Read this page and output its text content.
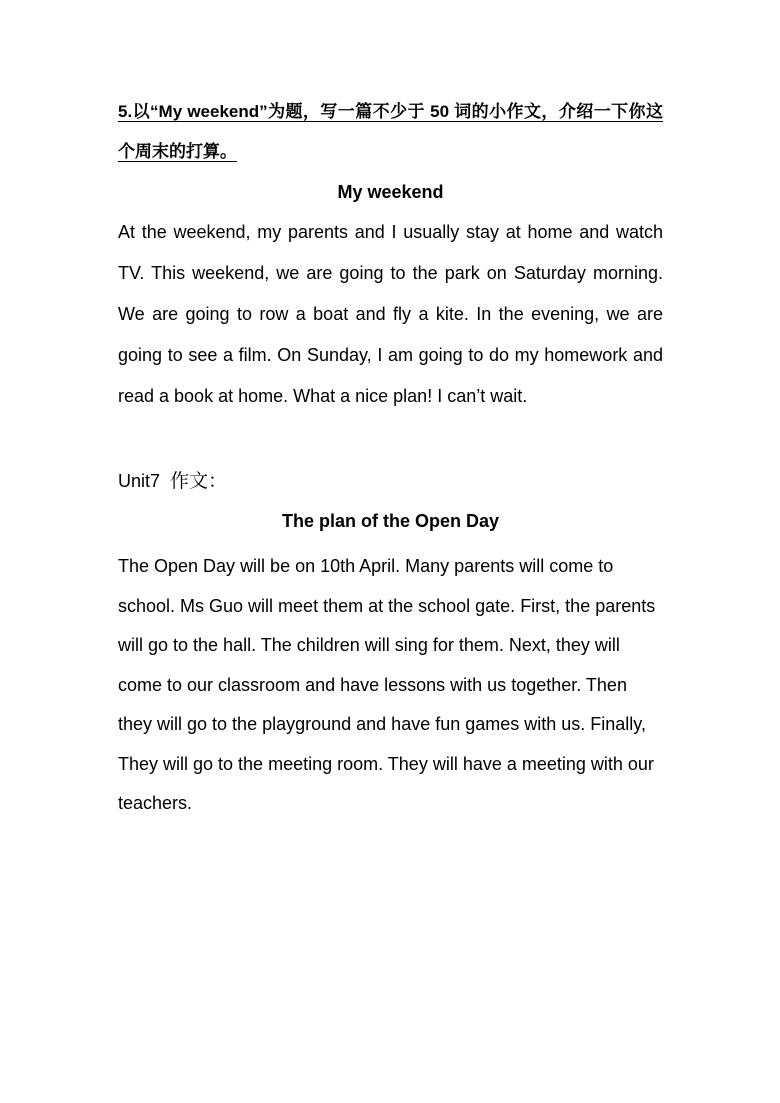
5.以“My weekend”为题，写一篇不少于 50 词的小作文，介绍一下你这个周末的打算。

My weekend

At the weekend, my parents and I usually stay at home and watch TV. This weekend, we are going to the park on Saturday morning. We are going to row a boat and fly a kite. In the evening, we are going to see a film. On Sunday, I am going to do my homework and read a book at home. What a nice plan! I can’t wait.

Unit7 作文：

The plan of the Open Day

The Open Day will be on 10th April. Many parents will come to school. Ms Guo will meet them at the school gate. First, the parents will go to the hall. The children will sing for them. Next, they will come to our classroom and have lessons with us together. Then they will go to the playground and have fun games with us. Finally, They will go to the meeting room. They will have a meeting with our teachers.
